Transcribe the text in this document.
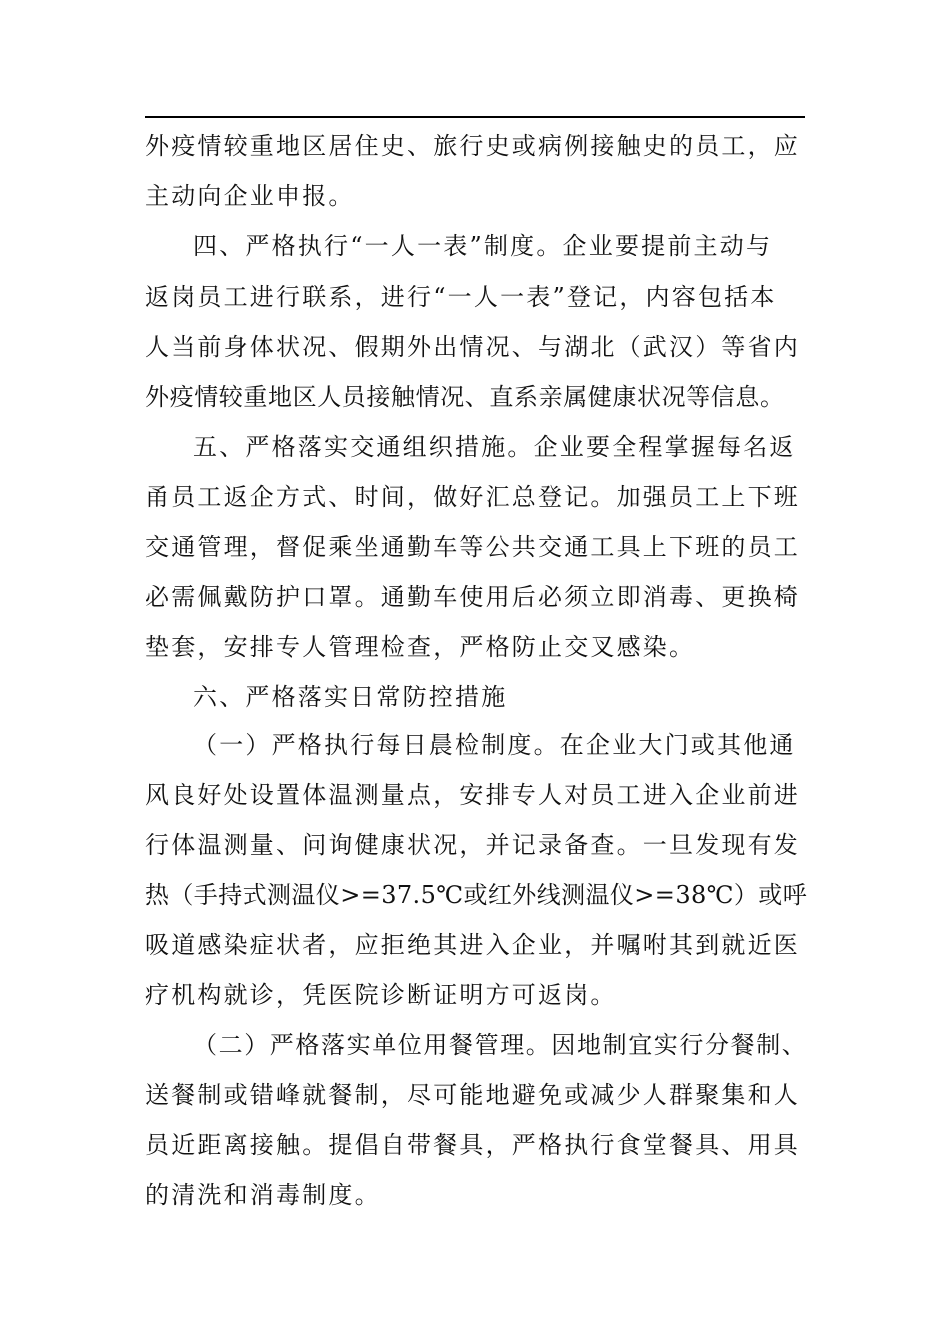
外疫情较重地区居住史、旅行史或病例接触史的员工，应
主动向企业申报。
四、严格执行“一人一表”制度。企业要提前主动与
返岗员工进行联系，进行“一人一表”登记，内容包括本
人当前身体状况、假期外出情况、与湖北（武汉）等省内
外疫情较重地区人员接触情况、直系亲属健康状况等信息。
五、严格落实交通组织措施。企业要全程掌握每名返
甬员工返企方式、时间，做好汇总登记。加强员工上下班
交通管理，督促乘坐通勤车等公共交通工具上下班的员工
必需佩戴防护口罩。通勤车使用后必须立即消毒、更换椅
垫套，安排专人管理检查，严格防止交叉感染。
六、严格落实日常防控措施
（一）严格执行每日晨检制度。在企业大门或其他通
风良好处设置体温测量点，安排专人对员工进入企业前进
行体温测量、问询健康状况，并记录备查。一旦发现有发
热（手持式测温仪>=37.5℃或红外线测温仪>=38℃）或呼
吸道感染症状者，应拒绝其进入企业，并嘱咐其到就近医
疗机构就诊，凭医院诊断证明方可返岗。
（二）严格落实单位用餐管理。因地制宜实行分餐制、
送餐制或错峰就餐制，尽可能地避免或减少人群聚集和人
员近距离接触。提倡自带餐具，严格执行食堂餐具、用具
的清洗和消毒制度。
